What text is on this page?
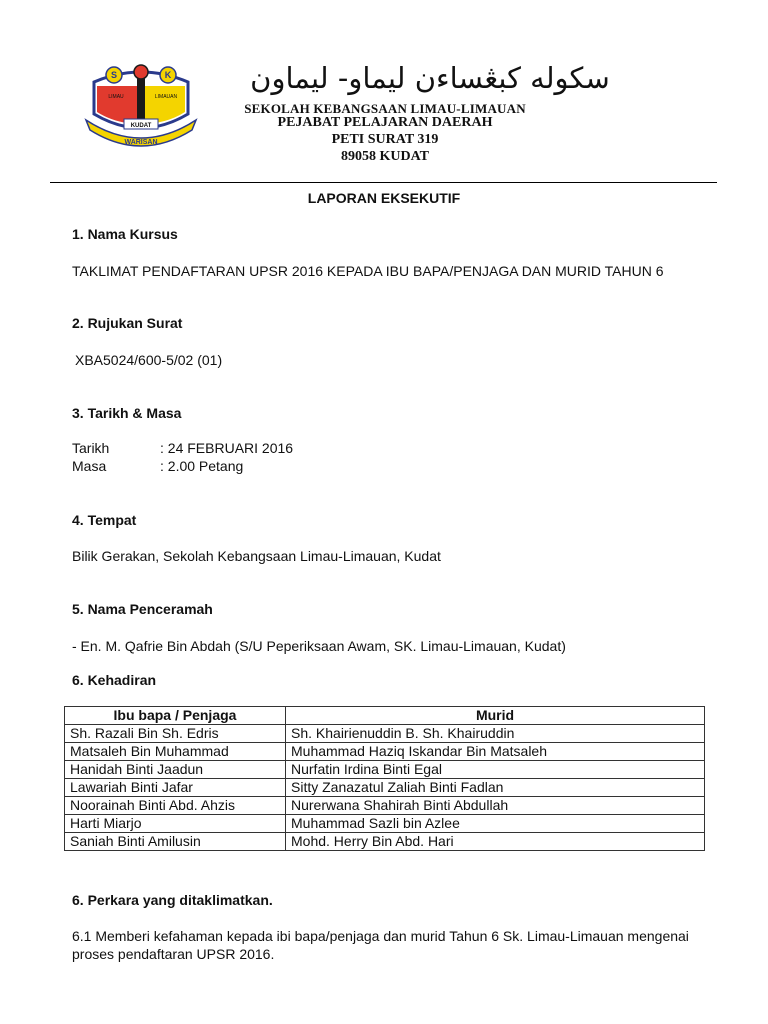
S	K
LIMAU	LIMAUAN
KUDAT
WARISAN
سكوله كبڠساءن ليماو- ليماون
SEKOLAH KEBANGSAAN LIMAU-LIMAUAN
PEJABAT PELAJARAN DAERAH
PETI SURAT 319
89058 KUDAT
LAPORAN EKSEKUTIF
1. Nama Kursus
TAKLIMAT PENDAFTARAN UPSR 2016 KEPADA IBU BAPA/PENJAGA DAN MURID TAHUN 6
2. Rujukan Surat
XBA5024/600-5/02 (01)
3. Tarikh & Masa
Tarikh	: 24 FEBRUARI 2016
Masa	: 2.00 Petang
4. Tempat
Bilik Gerakan, Sekolah Kebangsaan Limau-Limauan, Kudat
5. Nama Penceramah
- En. M. Qafrie Bin Abdah (S/U Peperiksaan Awam, SK. Limau-Limauan, Kudat)
6. Kehadiran
Ibu bapa / Penjaga	Murid
Sh. Razali Bin Sh. Edris	Sh. Khairienuddin B. Sh. Khairuddin
Matsaleh Bin Muhammad	Muhammad Haziq Iskandar Bin Matsaleh
Hanidah Binti Jaadun	Nurfatin Irdina Binti Egal
Lawariah Binti Jafar	Sitty Zanazatul Zaliah Binti Fadlan
Noorainah Binti Abd. Ahzis	Nurerwana Shahirah Binti Abdullah
Harti Miarjo	Muhammad Sazli bin Azlee
Saniah Binti Amilusin	Mohd. Herry Bin Abd. Hari
6. Perkara yang ditaklimatkan.
6.1 Memberi kefahaman kepada ibi bapa/penjaga dan murid Tahun 6 Sk. Limau-Limauan mengenai proses pendaftaran UPSR 2016.
